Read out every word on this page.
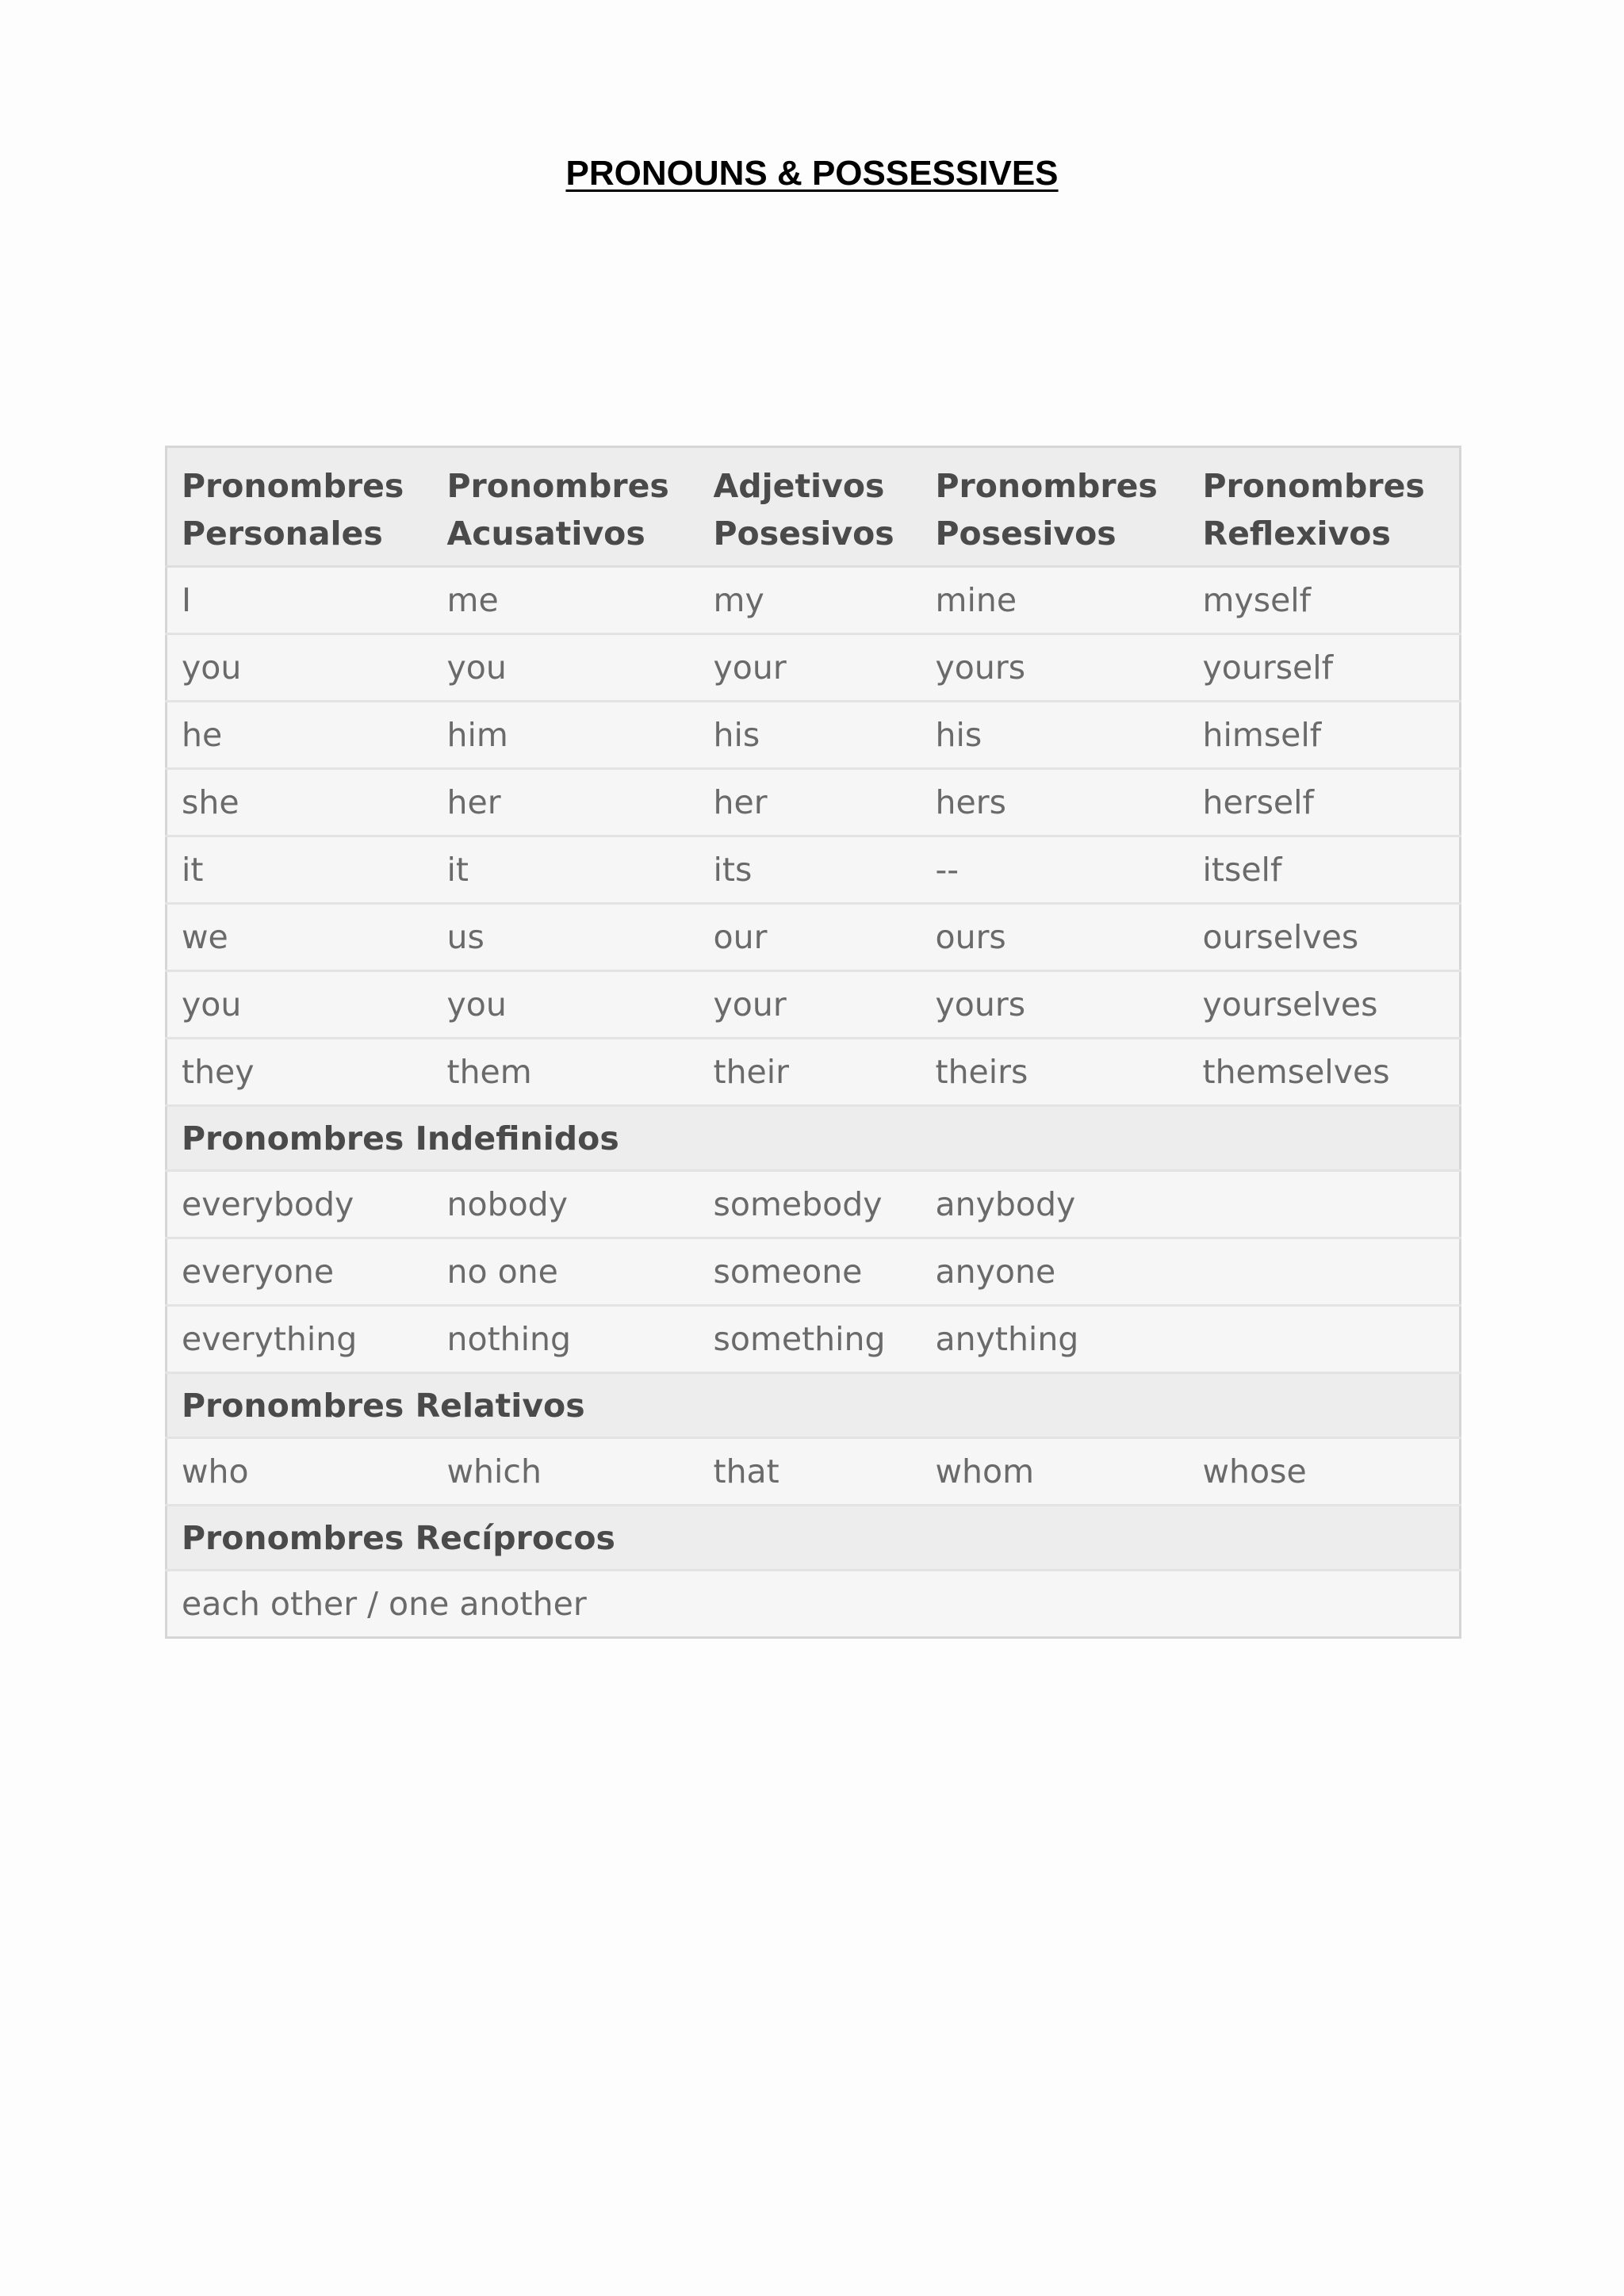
PRONOUNS & POSSESSIVES
Pronombres Personales	Pronombres Acusativos	Adjetivos Posesivos	Pronombres Posesivos	Pronombres Reflexivos
I	me	my	mine	myself
you	you	your	yours	yourself
he	him	his	his	himself
she	her	her	hers	herself
it	it	its	--	itself
we	us	our	ours	ourselves
you	you	your	yours	yourselves
they	them	their	theirs	themselves
Pronombres Indefinidos				
everybody	nobody	somebody	anybody	
everyone	no one	someone	anyone	
everything	nothing	something	anything	
Pronombres Relativos				
who	which	that	whom	whose
Pronombres Recíprocos				
each other / one another				
